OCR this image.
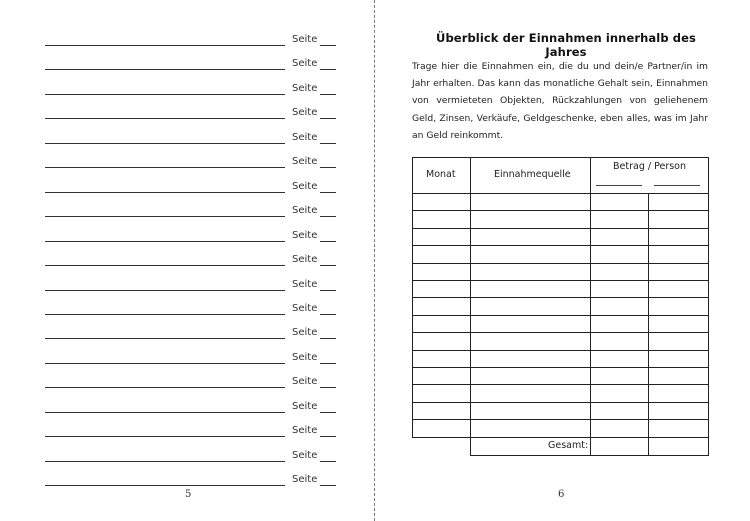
Seite
Seite
Seite
Seite
Seite
Seite
Seite
Seite
Seite
Seite
Seite
Seite
Seite
Seite
Seite
Seite
Seite
Seite
Seite
5
Überblick der Einnahmen innerhalb des Jahres
Trage hier die Einnahmen ein, die du und dein/e Partner/in im Jahr erhalten. Das kann das monatliche Gehalt sein, Einnahmen von vermieteten Objekten, Rückzahlungen von geliehenem Geld, Zinsen, Verkäufe, Geldgeschenke, eben alles, was im Jahr an Geld reinkommt.
Monat	Einnahmequelle
Betrag / Person
Gesamt:
6
